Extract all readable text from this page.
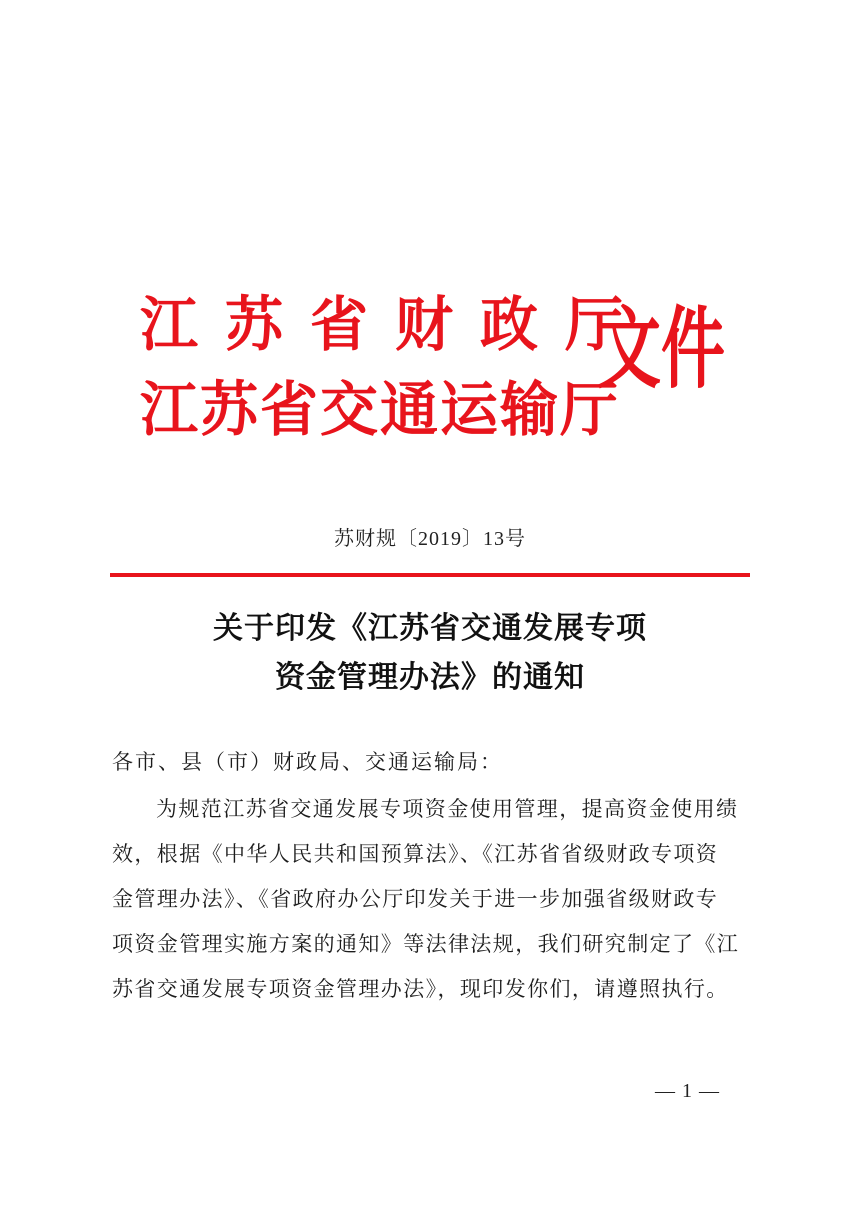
江苏省财政厅
江苏省交通运输厅
文件
苏财规〔2019〕13号
关于印发《江苏省交通发展专项
资金管理办法》的通知
各市、县（市）财政局、交通运输局：
为规范江苏省交通发展专项资金使用管理，提高资金使用绩
效，根据《中华人民共和国预算法》、《江苏省省级财政专项资
金管理办法》、《省政府办公厅印发关于进一步加强省级财政专
项资金管理实施方案的通知》等法律法规，我们研究制定了《江
苏省交通发展专项资金管理办法》，现印发你们，请遵照执行。
— 1 —
